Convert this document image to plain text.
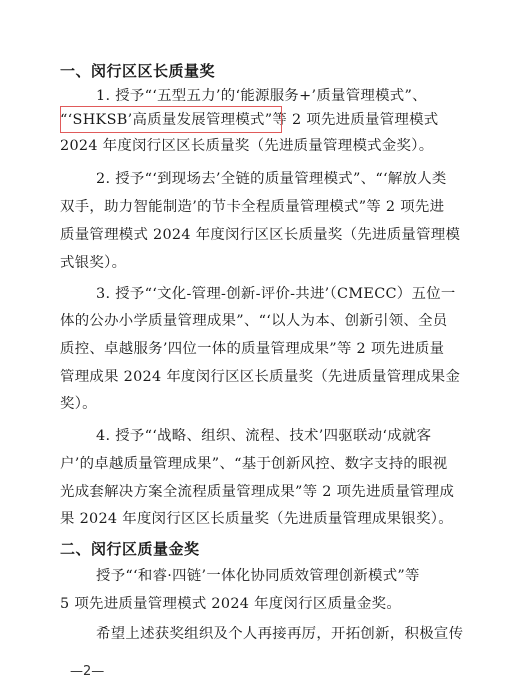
一、闵行区区长质量奖
1. 授予“‘五型五力’的‘能源服务+’质量管理模式”、
“‘SHKSB’高质量发展管理模式”等 2 项先进质量管理模式
2024 年度闵行区区长质量奖（先进质量管理模式金奖）。
2. 授予“‘到现场去’全链的质量管理模式”、“‘解放人类
双手，助力智能制造’的节卡全程质量管理模式”等 2 项先进
质量管理模式 2024 年度闵行区区长质量奖（先进质量管理模
式银奖）。
3. 授予“‘文化-管理-创新-评价-共进’（CMECC）五位一
体的公办小学质量管理成果”、“‘以人为本、创新引领、全员
质控、卓越服务’四位一体的质量管理成果”等 2 项先进质量
管理成果 2024 年度闵行区区长质量奖（先进质量管理成果金
奖）。
4. 授予“‘战略、组织、流程、技术’四驱联动‘成就客
户’的卓越质量管理成果”、“基于创新风控、数字支持的眼视
光成套解决方案全流程质量管理成果”等 2 项先进质量管理成
果 2024 年度闵行区区长质量奖（先进质量管理成果银奖）。
二、闵行区质量金奖
授予“‘和睿·四链’一体化协同质效管理创新模式”等
5 项先进质量管理模式 2024 年度闵行区质量金奖。
希望上述获奖组织及个人再接再厉，开拓创新，积极宣传
—2—
